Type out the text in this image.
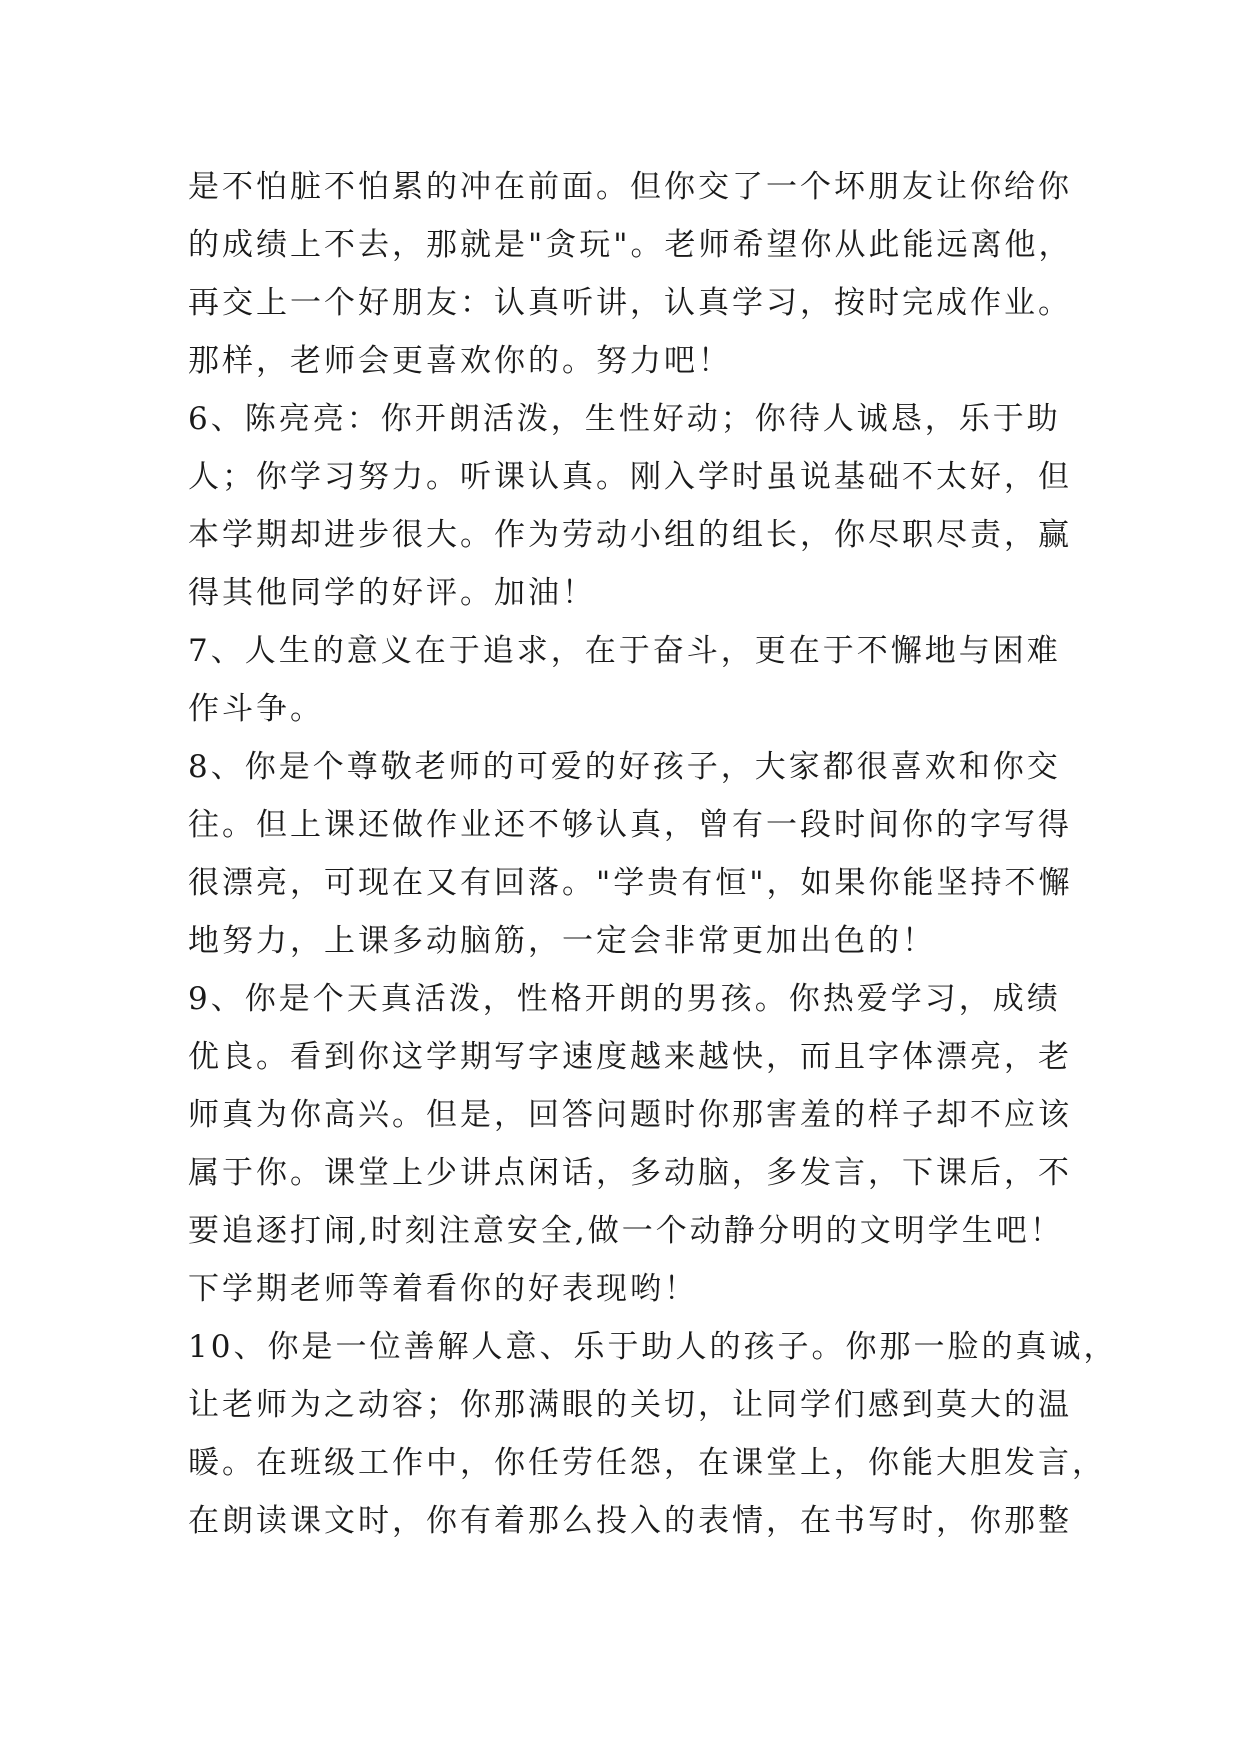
是不怕脏不怕累的冲在前面。但你交了一个坏朋友让你给你
的成绩上不去，那就是"贪玩"。老师希望你从此能远离他，
再交上一个好朋友：认真听讲，认真学习，按时完成作业。
那样，老师会更喜欢你的。努力吧！
6、陈亮亮：你开朗活泼，生性好动；你待人诚恳，乐于助
人；你学习努力。听课认真。刚入学时虽说基础不太好，但
本学期却进步很大。作为劳动小组的组长，你尽职尽责，赢
得其他同学的好评。加油！
7、人生的意义在于追求，在于奋斗，更在于不懈地与困难
作斗争。
8、你是个尊敬老师的可爱的好孩子，大家都很喜欢和你交
往。但上课还做作业还不够认真，曾有一段时间你的字写得
很漂亮，可现在又有回落。"学贵有恒"，如果你能坚持不懈
地努力，上课多动脑筋，一定会非常更加出色的！
9、你是个天真活泼，性格开朗的男孩。你热爱学习，成绩
优良。看到你这学期写字速度越来越快，而且字体漂亮，老
师真为你高兴。但是，回答问题时你那害羞的样子却不应该
属于你。课堂上少讲点闲话，多动脑，多发言，下课后，不
要追逐打闹,时刻注意安全,做一个动静分明的文明学生吧！
下学期老师等着看你的好表现哟！
10、你是一位善解人意、乐于助人的孩子。你那一脸的真诚，
让老师为之动容；你那满眼的关切，让同学们感到莫大的温
暖。在班级工作中，你任劳任怨，在课堂上，你能大胆发言，
在朗读课文时，你有着那么投入的表情，在书写时，你那整
